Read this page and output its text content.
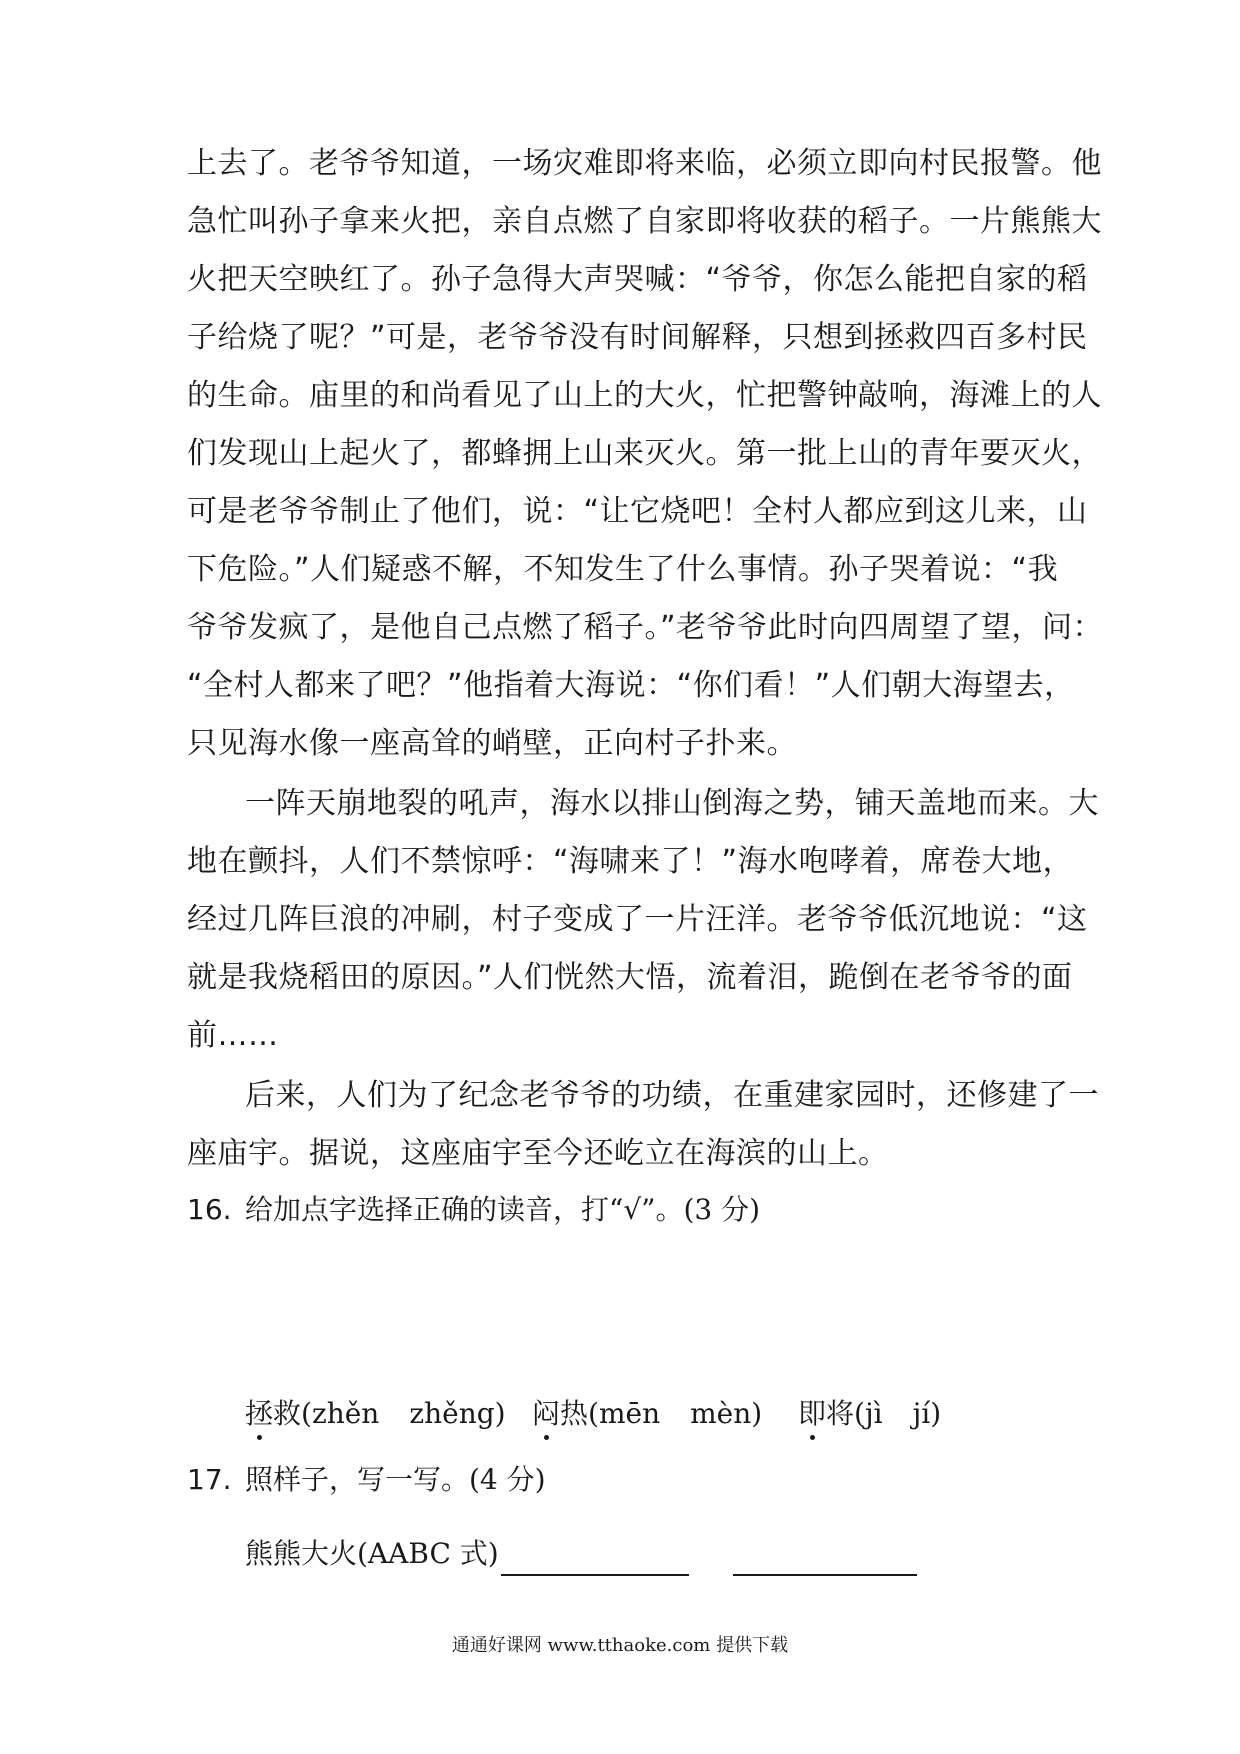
上去了。老爷爷知道，一场灾难即将来临，必须立即向村民报警。他
急忙叫孙子拿来火把，亲自点燃了自家即将收获的稻子。一片熊熊大
火把天空映红了。孙子急得大声哭喊：“爷爷，你怎么能把自家的稻
子给烧了呢？”可是，老爷爷没有时间解释，只想到拯救四百多村民
的生命。庙里的和尚看见了山上的大火，忙把警钟敲响，海滩上的人
们发现山上起火了，都蜂拥上山来灭火。第一批上山的青年要灭火，
可是老爷爷制止了他们，说：“让它烧吧！全村人都应到这儿来，山
下危险。”人们疑惑不解，不知发生了什么事情。孙子哭着说：“我
爷爷发疯了，是他自己点燃了稻子。”老爷爷此时向四周望了望，问：
“全村人都来了吧？”他指着大海说：“你们看！”人们朝大海望去，
只见海水像一座高耸的峭壁，正向村子扑来。
一阵天崩地裂的吼声，海水以排山倒海之势，铺天盖地而来。大
地在颤抖，人们不禁惊呼：“海啸来了！”海水咆哮着，席卷大地，
经过几阵巨浪的冲刷，村子变成了一片汪洋。老爷爷低沉地说：“这
就是我烧稻田的原因。”人们恍然大悟，流着泪，跪倒在老爷爷的面
前……
后来，人们为了纪念老爷爷的功绩，在重建家园时，还修建了一
座庙宇。据说，这座庙宇至今还屹立在海滨的山上。
16. 给加点字选择正确的读音，打“√”。(3 分)
拯救(zhěn zhěng) 闷热(mēn mèn) 即将(jì jí)
17. 照样子，写一写。(4 分)
熊熊大火(AABC 式)
通通好课网 www.tthaoke.com 提供下载
